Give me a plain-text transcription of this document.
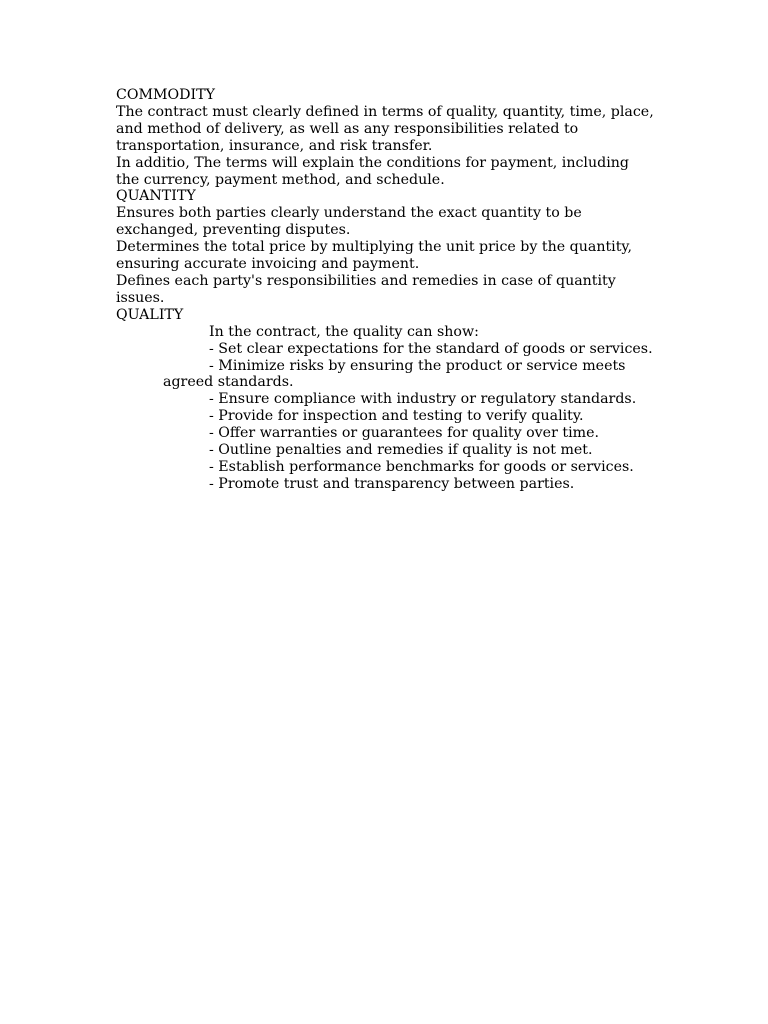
COMMODITY

The contract must clearly defined in terms of quality, quantity, time, place, and method of delivery, as well as any responsibilities related to transportation, insurance, and risk transfer.

In additio, The terms will explain the conditions for payment, including the currency, payment method, and schedule.

QUANTITY

Ensures both parties clearly understand the exact quantity to be exchanged, preventing disputes.

Determines the total price by multiplying the unit price by the quantity, ensuring accurate invoicing and payment.

Defines each party's responsibilities and remedies in case of quantity issues.

QUALITY

In the contract, the quality can show:

- Set clear expectations for the standard of goods or services.

- Minimize risks by ensuring the product or service meets agreed standards.

- Ensure compliance with industry or regulatory standards.

- Provide for inspection and testing to verify quality.

- Offer warranties or guarantees for quality over time.

- Outline penalties and remedies if quality is not met.

- Establish performance benchmarks for goods or services.

- Promote trust and transparency between parties.
